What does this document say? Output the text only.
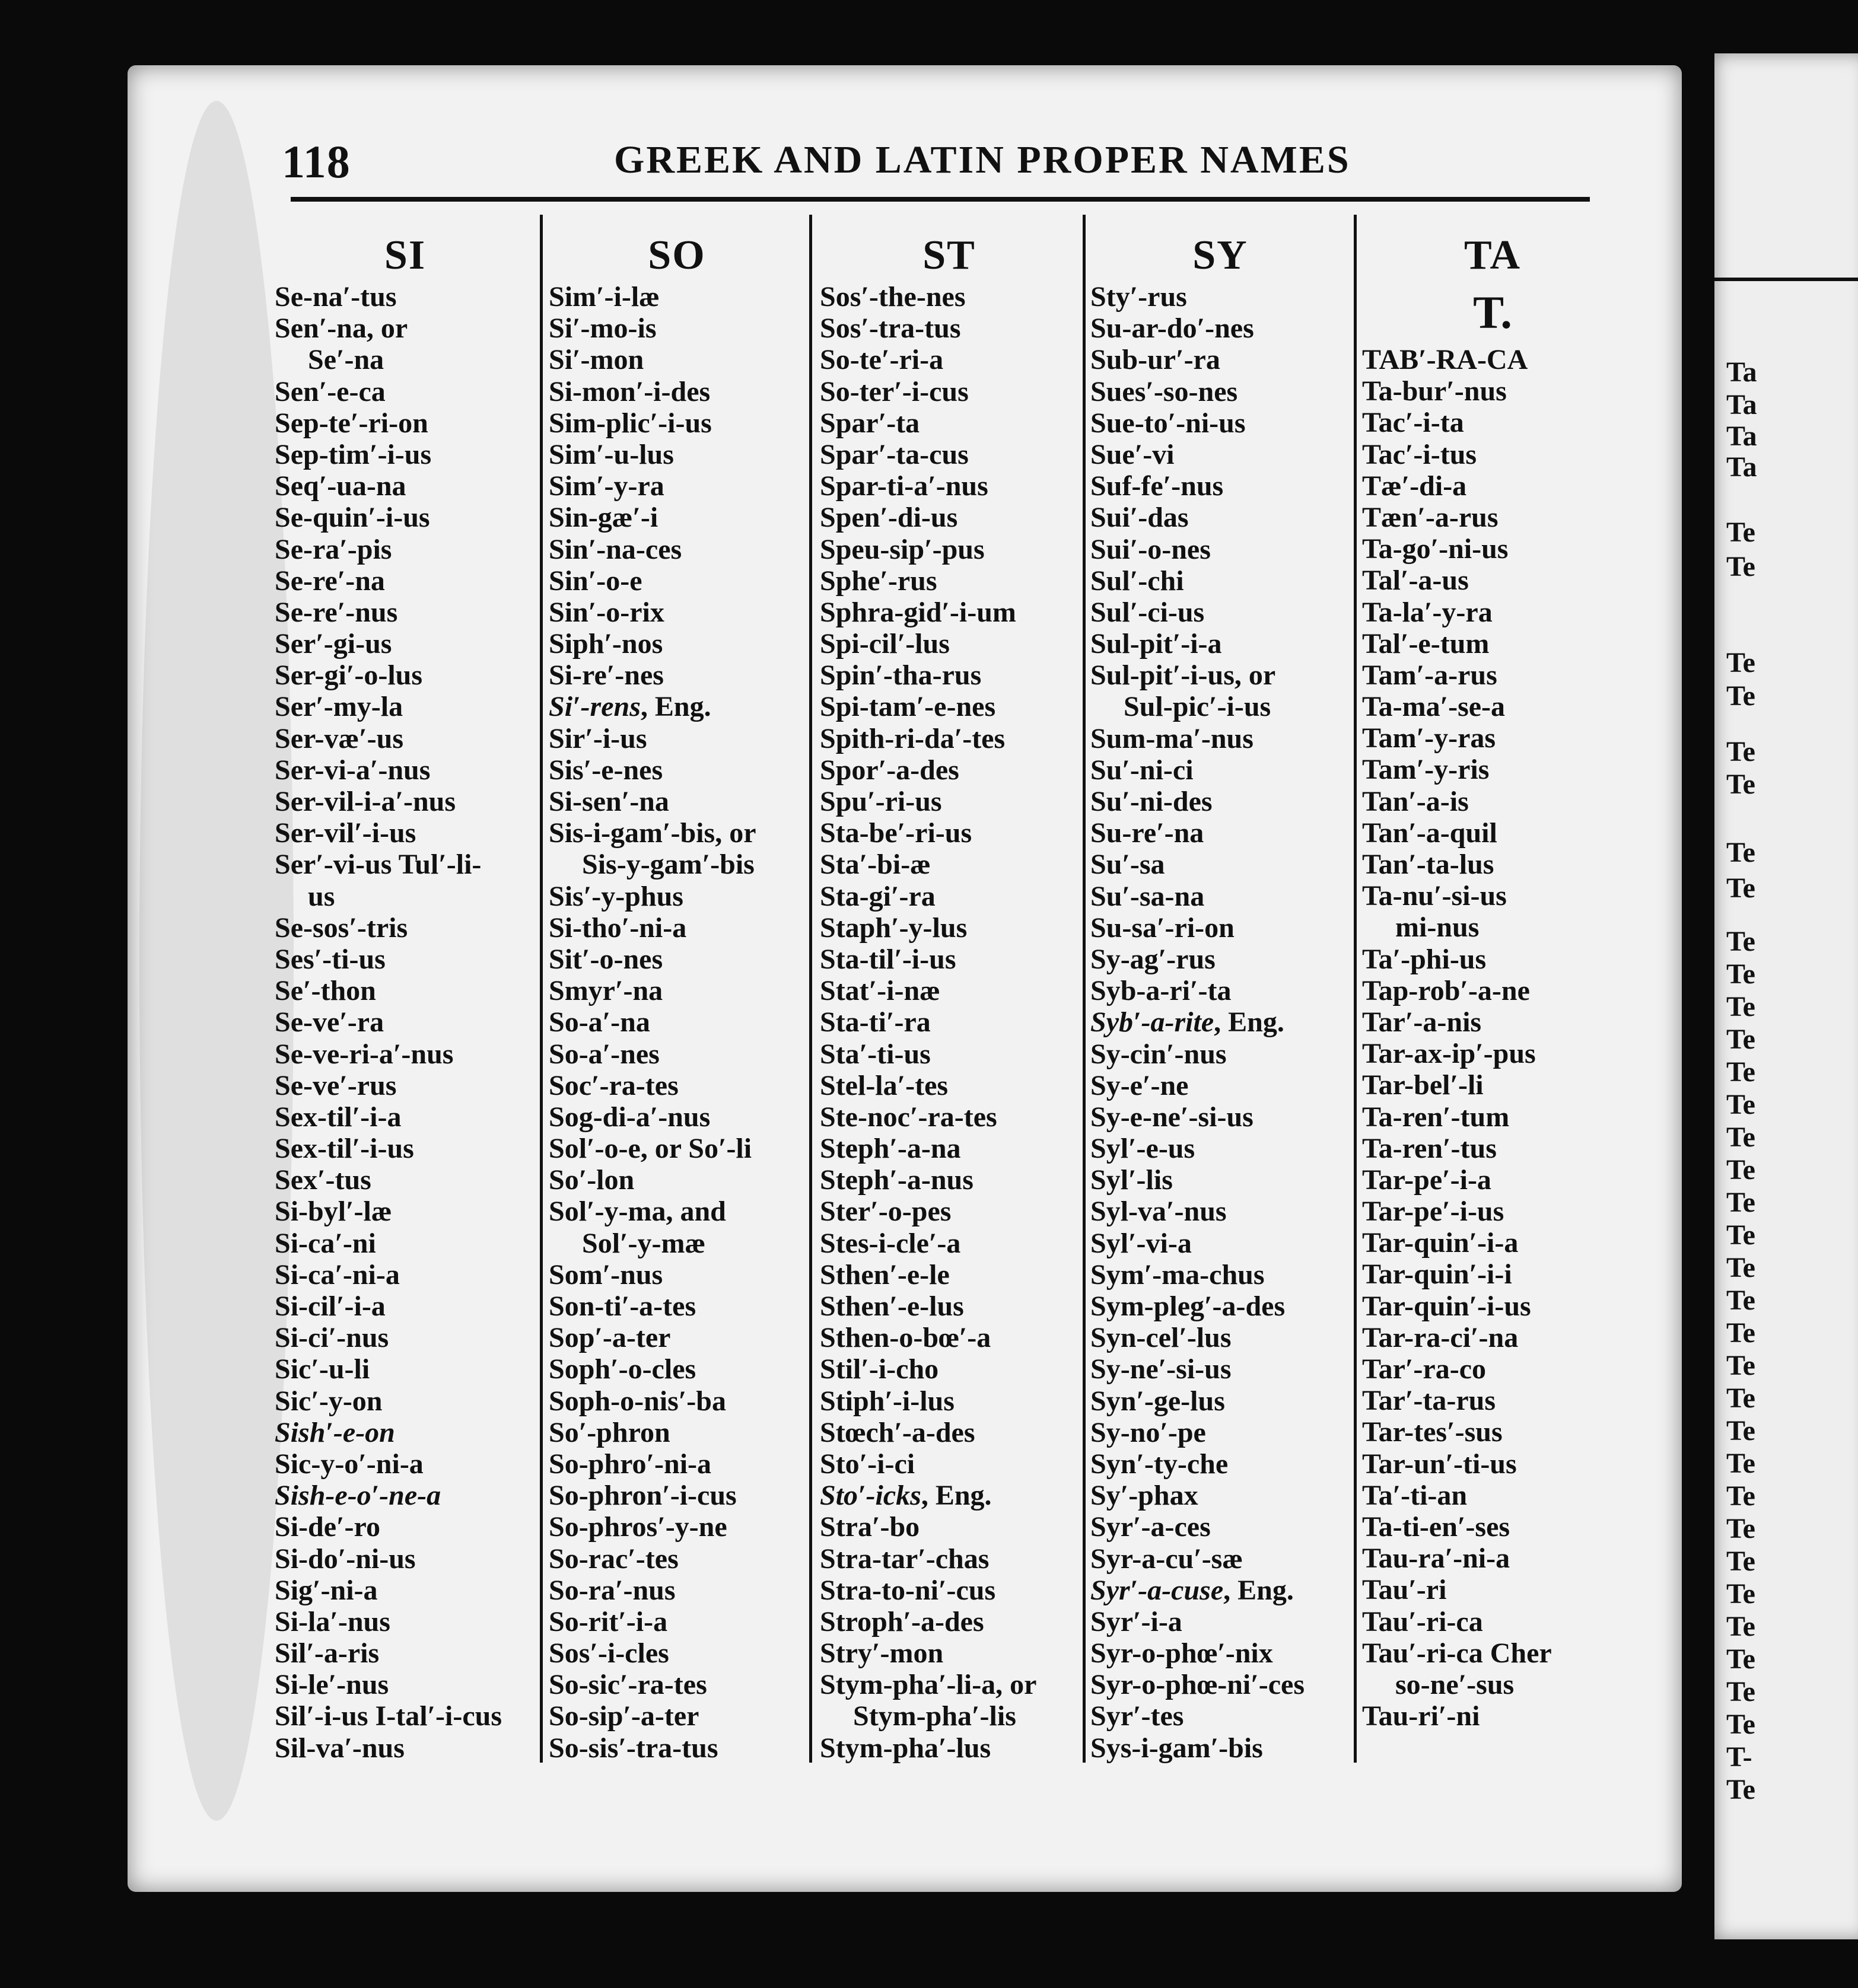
Ta
Ta
Ta
Ta
Te
Te
Te
Te
Te
Te
Te
Te
Te
Te
Te
Te
Te
Te
Te
Te
Te
Te
Te
Te
Te
Te
Te
Te
Te
Te
Te
Te
Te
Te
Te
Te
Te
T-
Te
118	GREEK AND LATIN PROPER NAMES
SI
Se-na′-tus
Sen′-na, or
Se′-na
Sen′-e-ca
Sep-te′-ri-on
Sep-tim′-i-us
Seq′-ua-na
Se-quin′-i-us
Se-ra′-pis
Se-re′-na
Se-re′-nus
Ser′-gi-us
Ser-gi′-o-lus
Ser′-my-la
Ser-væ′-us
Ser-vi-a′-nus
Ser-vil-i-a′-nus
Ser-vil′-i-us
Ser′-vi-us Tul′-li-
us
Se-sos′-tris
Ses′-ti-us
Se′-thon
Se-ve′-ra
Se-ve-ri-a′-nus
Se-ve′-rus
Sex-til′-i-a
Sex-til′-i-us
Sex′-tus
Si-byl′-læ
Si-ca′-ni
Si-ca′-ni-a
Si-cil′-i-a
Si-ci′-nus
Sic′-u-li
Sic′-y-on
Sish′-e-on
Sic-y-o′-ni-a
Sish-e-o′-ne-a
Si-de′-ro
Si-do′-ni-us
Sig′-ni-a
Si-la′-nus
Sil′-a-ris
Si-le′-nus
Sil′-i-us I-tal′-i-cus
Sil-va′-nus
SO
Sim′-i-læ
Si′-mo-is
Si′-mon
Si-mon′-i-des
Sim-plic′-i-us
Sim′-u-lus
Sim′-y-ra
Sin-gæ′-i
Sin′-na-ces
Sin′-o-e
Sin′-o-rix
Siph′-nos
Si-re′-nes
Si′-rens, Eng.
Sir′-i-us
Sis′-e-nes
Si-sen′-na
Sis-i-gam′-bis, or
Sis-y-gam′-bis
Sis′-y-phus
Si-tho′-ni-a
Sit′-o-nes
Smyr′-na
So-a′-na
So-a′-nes
Soc′-ra-tes
Sog-di-a′-nus
Sol′-o-e, or So′-li
So′-lon
Sol′-y-ma, and
Sol′-y-mæ
Som′-nus
Son-ti′-a-tes
Sop′-a-ter
Soph′-o-cles
Soph-o-nis′-ba
So′-phron
So-phro′-ni-a
So-phron′-i-cus
So-phros′-y-ne
So-rac′-tes
So-ra′-nus
So-rit′-i-a
Sos′-i-cles
So-sic′-ra-tes
So-sip′-a-ter
So-sis′-tra-tus
ST
Sos′-the-nes
Sos′-tra-tus
So-te′-ri-a
So-ter′-i-cus
Spar′-ta
Spar′-ta-cus
Spar-ti-a′-nus
Spen′-di-us
Speu-sip′-pus
Sphe′-rus
Sphra-gid′-i-um
Spi-cil′-lus
Spin′-tha-rus
Spi-tam′-e-nes
Spith-ri-da′-tes
Spor′-a-des
Spu′-ri-us
Sta-be′-ri-us
Sta′-bi-æ
Sta-gi′-ra
Staph′-y-lus
Sta-til′-i-us
Stat′-i-næ
Sta-ti′-ra
Sta′-ti-us
Stel-la′-tes
Ste-noc′-ra-tes
Steph′-a-na
Steph′-a-nus
Ster′-o-pes
Stes-i-cle′-a
Sthen′-e-le
Sthen′-e-lus
Sthen-o-bœ′-a
Stil′-i-cho
Stiph′-i-lus
Stœch′-a-des
Sto′-i-ci
Sto′-icks, Eng.
Stra′-bo
Stra-tar′-chas
Stra-to-ni′-cus
Stroph′-a-des
Stry′-mon
Stym-pha′-li-a, or
Stym-pha′-lis
Stym-pha′-lus
SY
Sty′-rus
Su-ar-do′-nes
Sub-ur′-ra
Sues′-so-nes
Sue-to′-ni-us
Sue′-vi
Suf-fe′-nus
Sui′-das
Sui′-o-nes
Sul′-chi
Sul′-ci-us
Sul-pit′-i-a
Sul-pit′-i-us, or
Sul-pic′-i-us
Sum-ma′-nus
Su′-ni-ci
Su′-ni-des
Su-re′-na
Su′-sa
Su′-sa-na
Su-sa′-ri-on
Sy-ag′-rus
Syb-a-ri′-ta
Syb′-a-rite, Eng.
Sy-cin′-nus
Sy-e′-ne
Sy-e-ne′-si-us
Syl′-e-us
Syl′-lis
Syl-va′-nus
Syl′-vi-a
Sym′-ma-chus
Sym-pleg′-a-des
Syn-cel′-lus
Sy-ne′-si-us
Syn′-ge-lus
Sy-no′-pe
Syn′-ty-che
Sy′-phax
Syr′-a-ces
Syr-a-cu′-sæ
Syr′-a-cuse, Eng.
Syr′-i-a
Syr-o-phœ′-nix
Syr-o-phœ-ni′-ces
Syr′-tes
Sys-i-gam′-bis
TA
T.
TAB′-RA-CA
Ta-bur′-nus
Tac′-i-ta
Tac′-i-tus
Tæ′-di-a
Tæn′-a-rus
Ta-go′-ni-us
Tal′-a-us
Ta-la′-y-ra
Tal′-e-tum
Tam′-a-rus
Ta-ma′-se-a
Tam′-y-ras
Tam′-y-ris
Tan′-a-is
Tan′-a-quil
Tan′-ta-lus
Ta-nu′-si-us
mi-nus
Ta′-phi-us
Tap-rob′-a-ne
Tar′-a-nis
Tar-ax-ip′-pus
Tar-bel′-li
Ta-ren′-tum
Ta-ren′-tus
Tar-pe′-i-a
Tar-pe′-i-us
Tar-quin′-i-a
Tar-quin′-i-i
Tar-quin′-i-us
Tar-ra-ci′-na
Tar′-ra-co
Tar′-ta-rus
Tar-tes′-sus
Tar-un′-ti-us
Ta′-ti-an
Ta-ti-en′-ses
Tau-ra′-ni-a
Tau′-ri
Tau′-ri-ca
Tau′-ri-ca Cher
so-ne′-sus
Tau-ri′-ni
